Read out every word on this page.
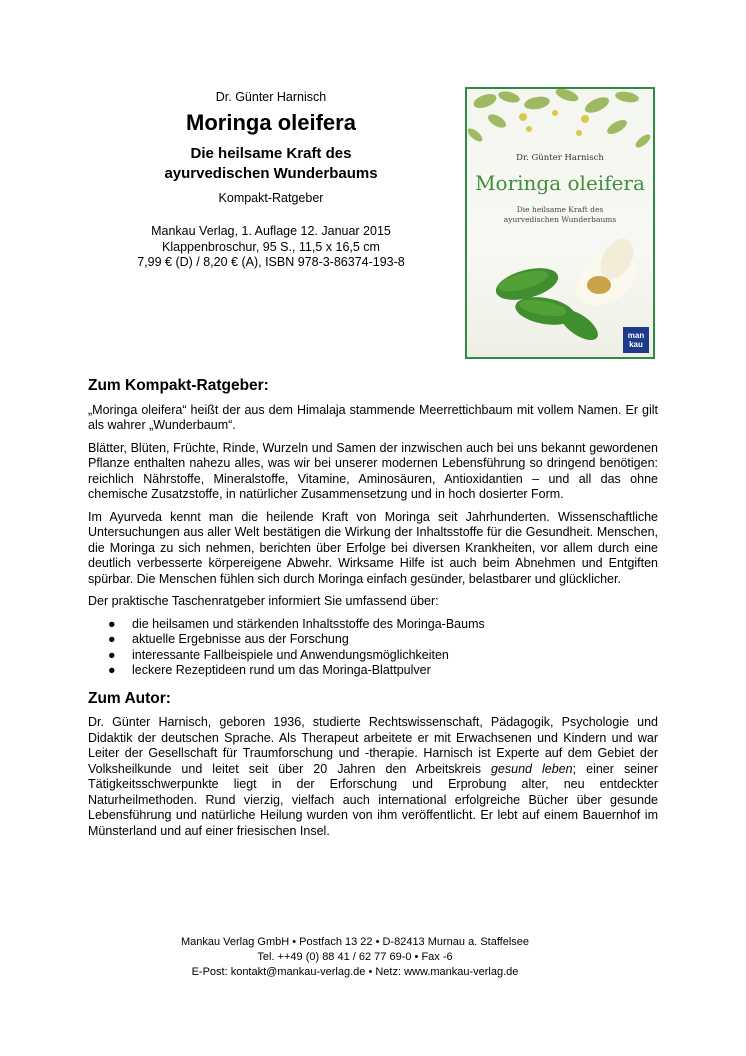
Dr. Günter Harnisch

Moringa oleifera

Die heilsame Kraft des

ayurvedischen Wunderbaums

Kompakt-Ratgeber

Mankau Verlag, 1. Auflage 12. Januar 2015
Klappenbroschur, 95 S., 11,5 x 16,5 cm
7,99 € (D) / 8,20 € (A), ISBN 978-3-86374-193-8
Dr. Günter Harnisch
Moringa oleifera
Die heilsame Kraft des
ayurvedischen Wunderbaums
man
kau
Zum Kompakt-Ratgeber:

„Moringa oleifera“ heißt der aus dem Himalaja stammende Meerrettichbaum mit vollem Namen. Er gilt als wahrer „Wunderbaum“.

Blätter, Blüten, Früchte, Rinde, Wurzeln und Samen der inzwischen auch bei uns bekannt gewordenen Pflanze enthalten nahezu alles, was wir bei unserer modernen Lebensführung so dringend benötigen: reichlich Nährstoffe, Mineralstoffe, Vitamine, Aminosäuren, Antioxidantien – und all das ohne chemische Zusatzstoffe, in natürlicher Zusammensetzung und in hoch dosierter Form.

Im Ayurveda kennt man die heilende Kraft von Moringa seit Jahrhunderten. Wissenschaftliche Untersuchungen aus aller Welt bestätigen die Wirkung der Inhaltsstoffe für die Gesundheit. Menschen, die Moringa zu sich nehmen, berichten über Erfolge bei diversen Krankheiten, vor allem durch eine deutlich verbesserte körpereigene Abwehr. Wirksame Hilfe ist auch beim Abnehmen und Entgiften spürbar. Die Menschen fühlen sich durch Moringa einfach gesünder, belastbarer und glücklicher.

Der praktische Taschenratgeber informiert Sie umfassend über:

● die heilsamen und stärkenden Inhaltsstoffe des Moringa-Baums
● aktuelle Ergebnisse aus der Forschung
● interessante Fallbeispiele und Anwendungsmöglichkeiten
● leckere Rezeptideen rund um das Moringa-Blattpulver
Zum Autor:

Dr. Günter Harnisch, geboren 1936, studierte Rechtswissenschaft, Pädagogik, Psychologie und Didaktik der deutschen Sprache. Als Therapeut arbeitete er mit Erwachsenen und Kindern und war Leiter der Gesellschaft für Traumforschung und -therapie. Harnisch ist Experte auf dem Gebiet der Volksheilkunde und leitet seit über 20 Jahren den Arbeitskreis gesund leben; einer seiner Tätigkeitsschwerpunkte liegt in der Erforschung und Erprobung alter, neu entdeckter Naturheilmethoden. Rund vierzig, vielfach auch international erfolgreiche Bücher über gesunde Lebensführung und natürliche Heilung wurden von ihm veröffentlicht. Er lebt auf einem Bauernhof im Münsterland und auf einer friesischen Insel.

Mankau Verlag GmbH • Postfach 13 22 • D-82413 Murnau a. Staffelsee
Tel. ++49 (0) 88 41 / 62 77 69-0 • Fax -6
E-Post: kontakt@mankau-verlag.de • Netz: www.mankau-verlag.de
